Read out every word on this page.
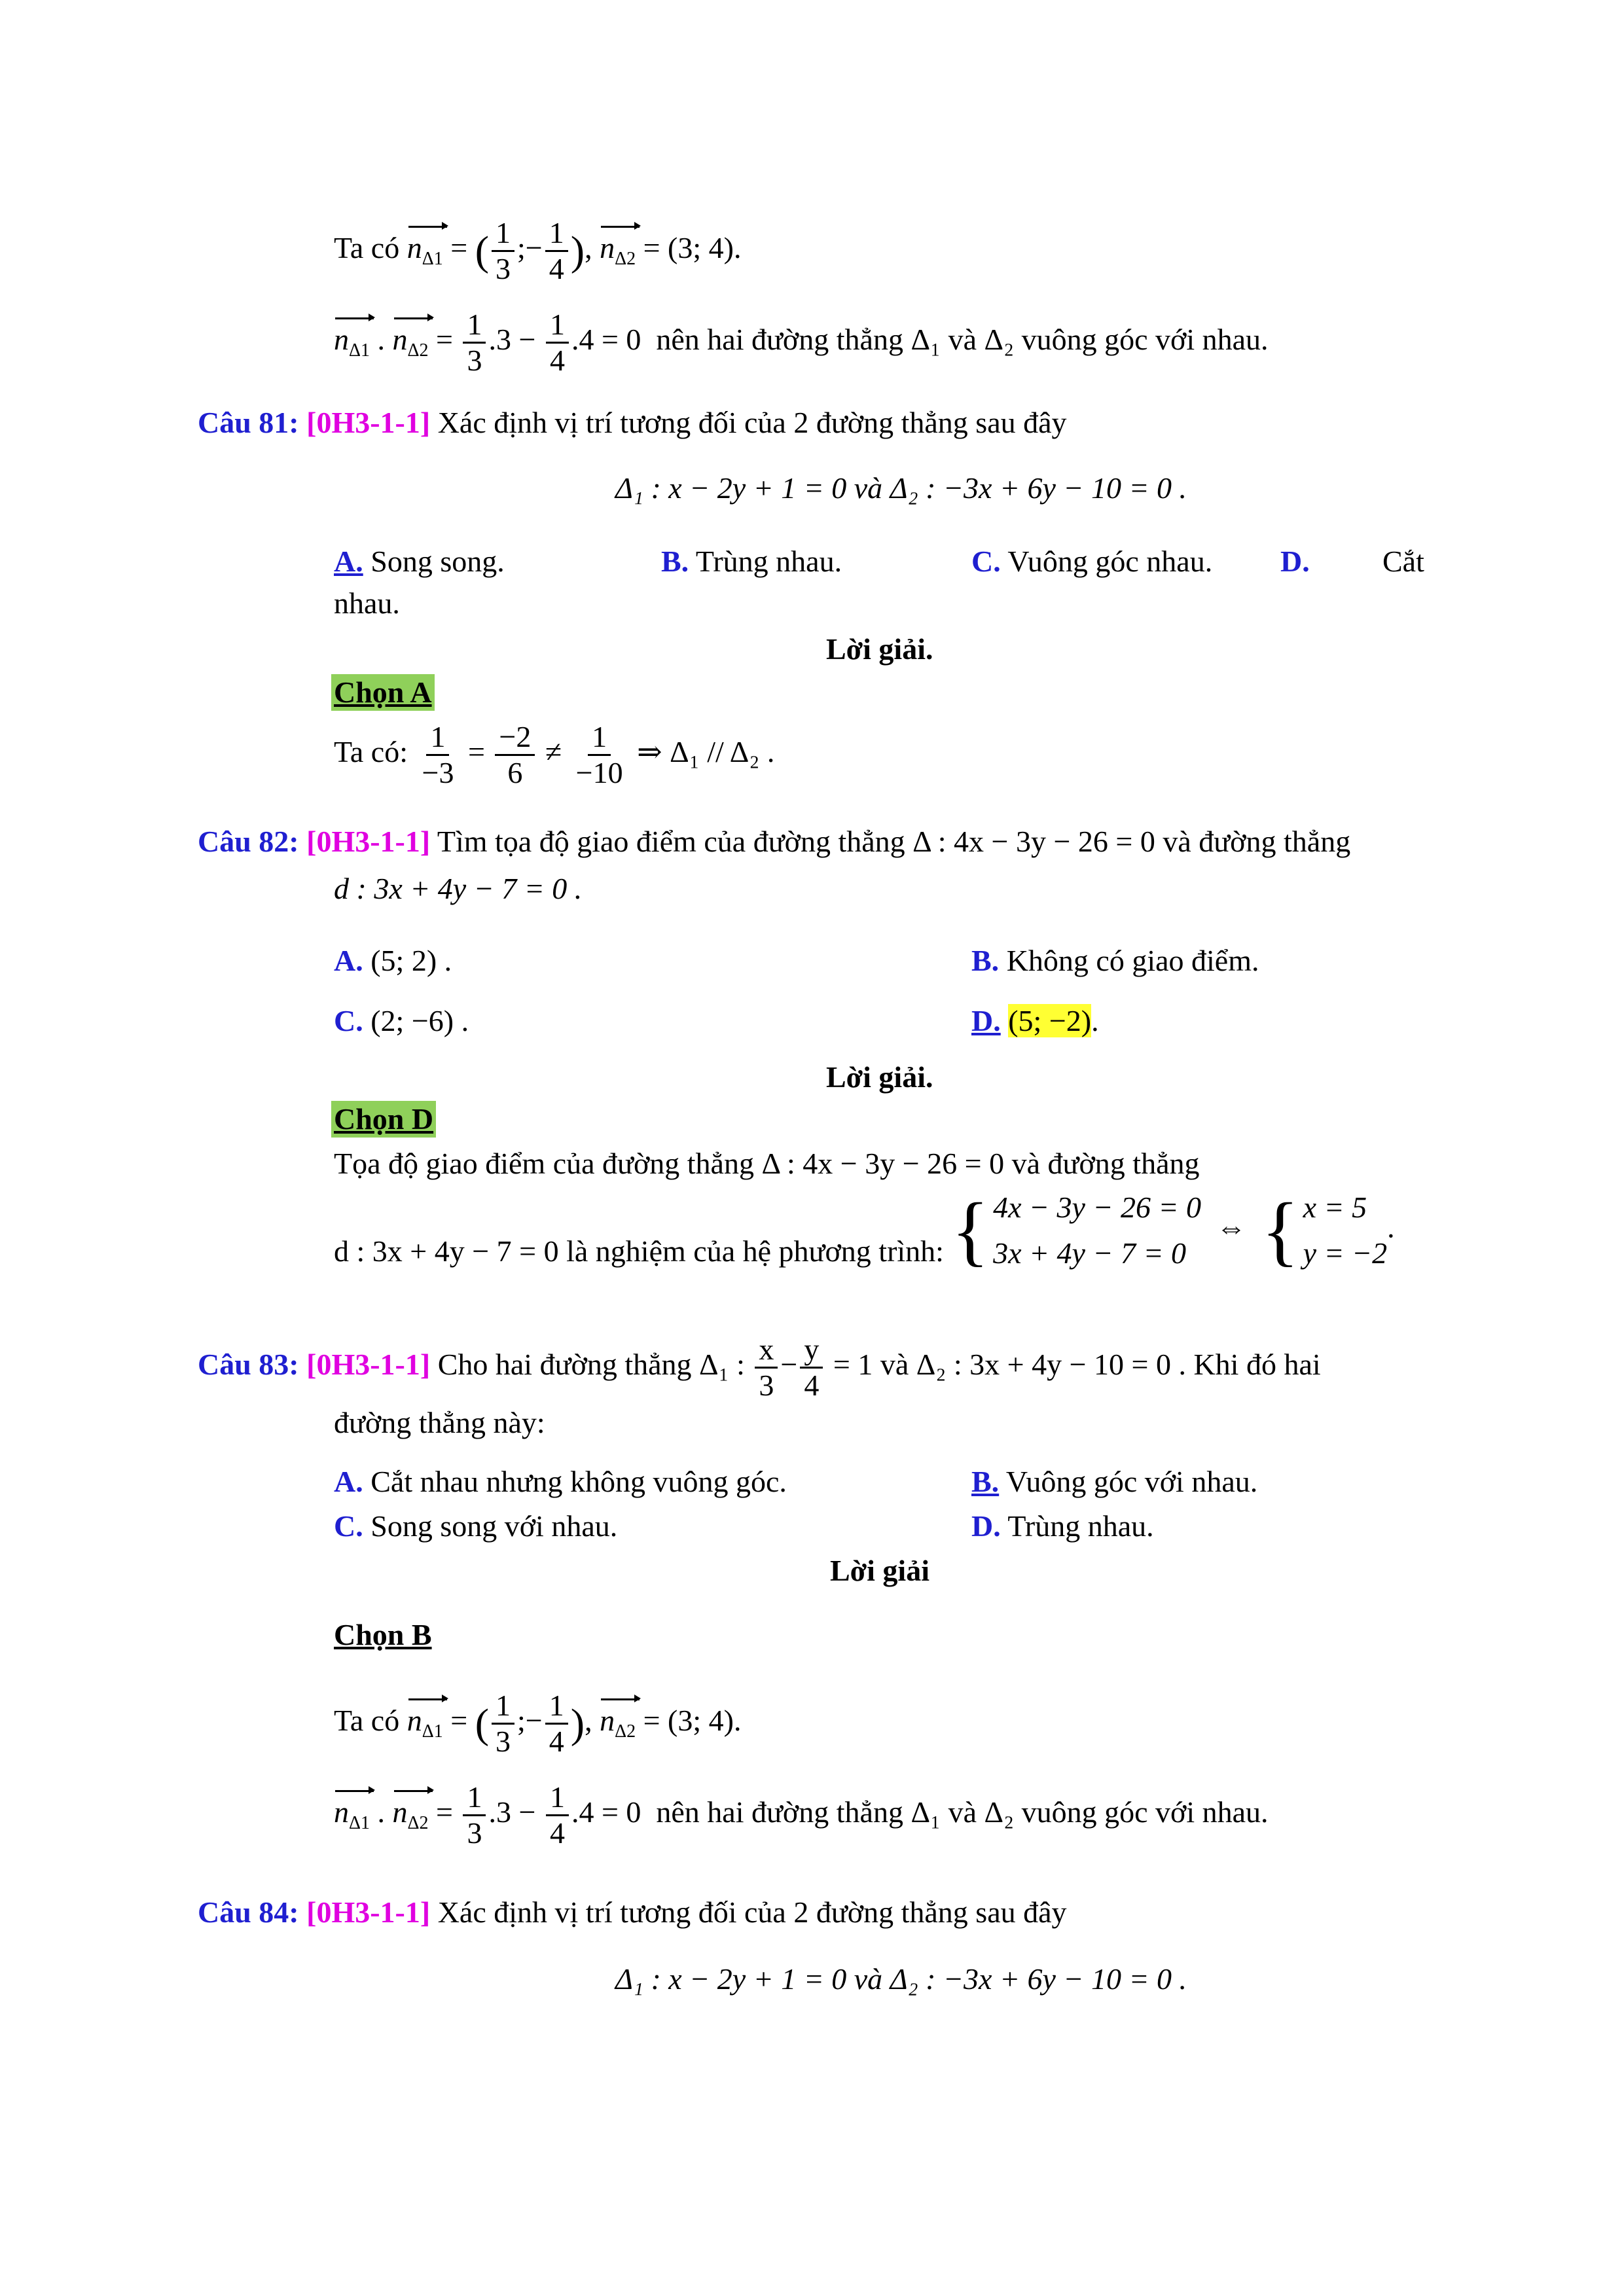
Ta có $n_{\Delta 1}$ = ( $\frac{1}{3}$ ;− $\frac{1}{4}$ ), $n_{\Delta 2} = (3$; 4).
$n_{\Delta 1}$ . $n_{\Delta 2} = \frac{1}{3} .3 - \frac{1}{4} .4 = 0$  nên hai đường thẳng Δ₁ và Δ₂ vuông góc với nhau.
Câu 81: [0H3-1-1] Xác định vị trí tương đối của 2 đường thẳng sau đây
Δ₁ : x − 2y + 1 = 0 và Δ₂ : −3x + 6y − 10 = 0 .
A. Song song.	B. Trùng nhau.	C. Vuông góc nhau. D. Cắt
nhau.
Lời giải.
Chọn A
Ta có: $\frac{1}{-3} = \frac{-2}{6} \ne \frac{1}{-10}$ ⇒ Δ₁ // Δ₂ .
Câu 82: [0H3-1-1] Tìm tọa độ giao điểm của đường thẳng Δ : 4x − 3y − 26 = 0 và đường thẳng
d : 3x + 4y − 7 = 0 .
A. (5; 2) .	B. Không có giao điểm.
C. (2; −6) .	D. (5; −2).
Lời giải.
Chọn D
Tọa độ giao điểm của đường thẳng Δ : 4x − 3y − 26 = 0 và đường thẳng
d : 3x + 4y − 7 = 0 là nghiệm của hệ phương trình: { 4x − 3y − 26 = 0
3x + 4y − 7 = 0
⇔ { x = 5
y = −2
.
Câu 83: [0H3-1-1] Cho hai đường thẳng Δ₁ : $\frac{x}{3} - \frac{y}{4} = 1$ và Δ₂ : 3x + 4y − 10 = 0 . Khi đó hai
đường thẳng này:
A. Cắt nhau nhưng không vuông góc.	B. Vuông góc với nhau.
C. Song song với nhau.	D. Trùng nhau.
Lời giải
Chọn B
Ta có $n_{\Delta 1}$ = ( $\frac{1}{3}$ ;− $\frac{1}{4}$ ), $n_{\Delta 2} = (3$; 4).
$n_{\Delta 1}$ . $n_{\Delta 2} = \frac{1}{3} .3 - \frac{1}{4} .4 = 0$  nên hai đường thẳng Δ₁ và Δ₂ vuông góc với nhau.
Câu 84: [0H3-1-1] Xác định vị trí tương đối của 2 đường thẳng sau đây
Δ₁ : x − 2y + 1 = 0 và Δ₂ : −3x + 6y − 10 = 0 .
